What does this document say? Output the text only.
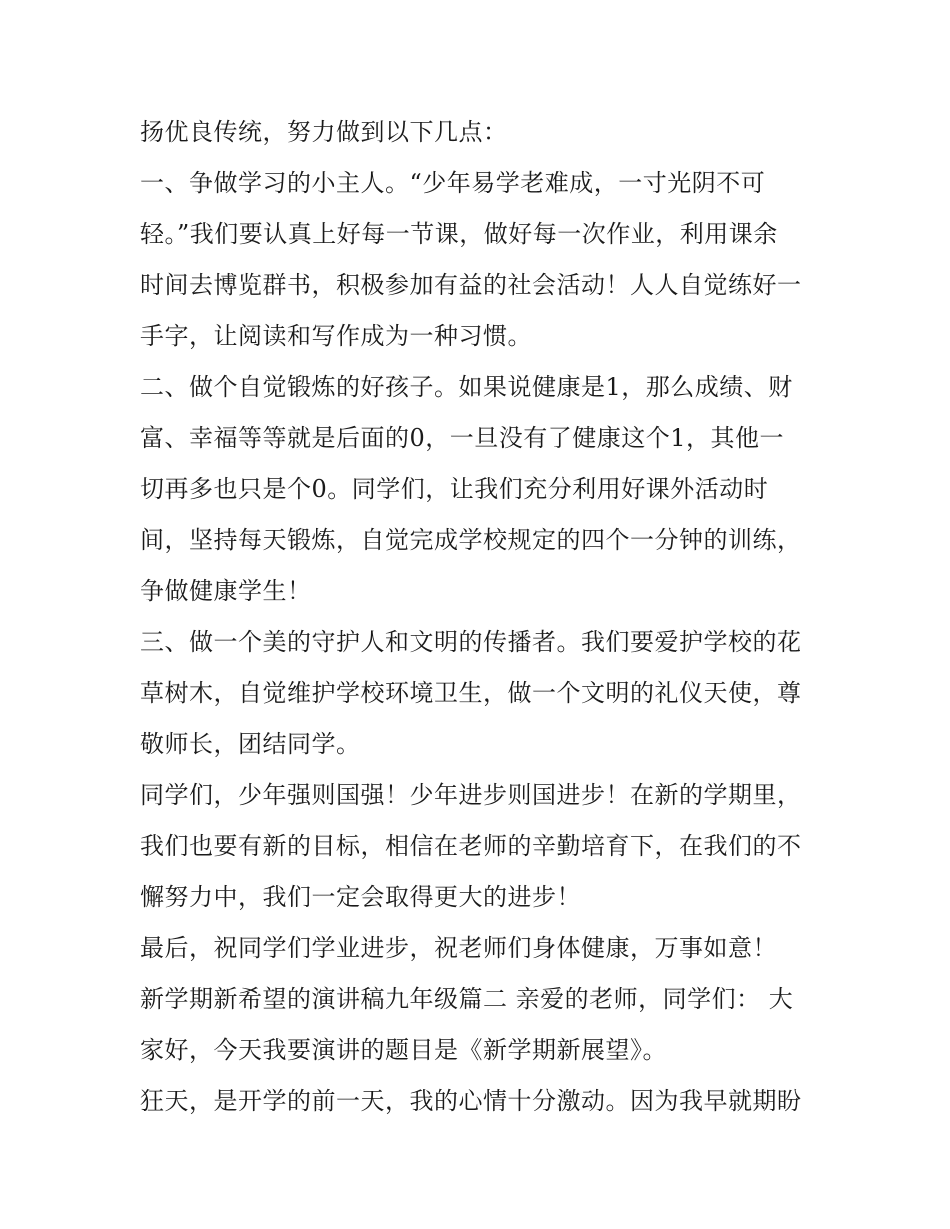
扬优良传统，努力做到以下几点：
一、争做学习的小主人。“少年易学老难成，一寸光阴不可
轻。”我们要认真上好每一节课，做好每一次作业，利用课余
时间去博览群书，积极参加有益的社会活动！人人自觉练好一
手字，让阅读和写作成为一种习惯。
二、做个自觉锻炼的好孩子。如果说健康是1，那么成绩、财
富、幸福等等就是后面的0，一旦没有了健康这个1，其他一
切再多也只是个0。同学们，让我们充分利用好课外活动时
间，坚持每天锻炼，自觉完成学校规定的四个一分钟的训练，
争做健康学生！
三、做一个美的守护人和文明的传播者。我们要爱护学校的花
草树木，自觉维护学校环境卫生，做一个文明的礼仪天使，尊
敬师长，团结同学。
同学们，少年强则国强！少年进步则国进步！在新的学期里，
我们也要有新的目标，相信在老师的辛勤培育下，在我们的不
懈努力中，我们一定会取得更大的进步！
最后，祝同学们学业进步，祝老师们身体健康，万事如意！
新学期新希望的演讲稿九年级篇二 亲爱的老师，同学们： 大
家好，今天我要演讲的题目是《新学期新展望》。
狂天，是开学的前一天，我的心情十分激动。因为我早就期盼
